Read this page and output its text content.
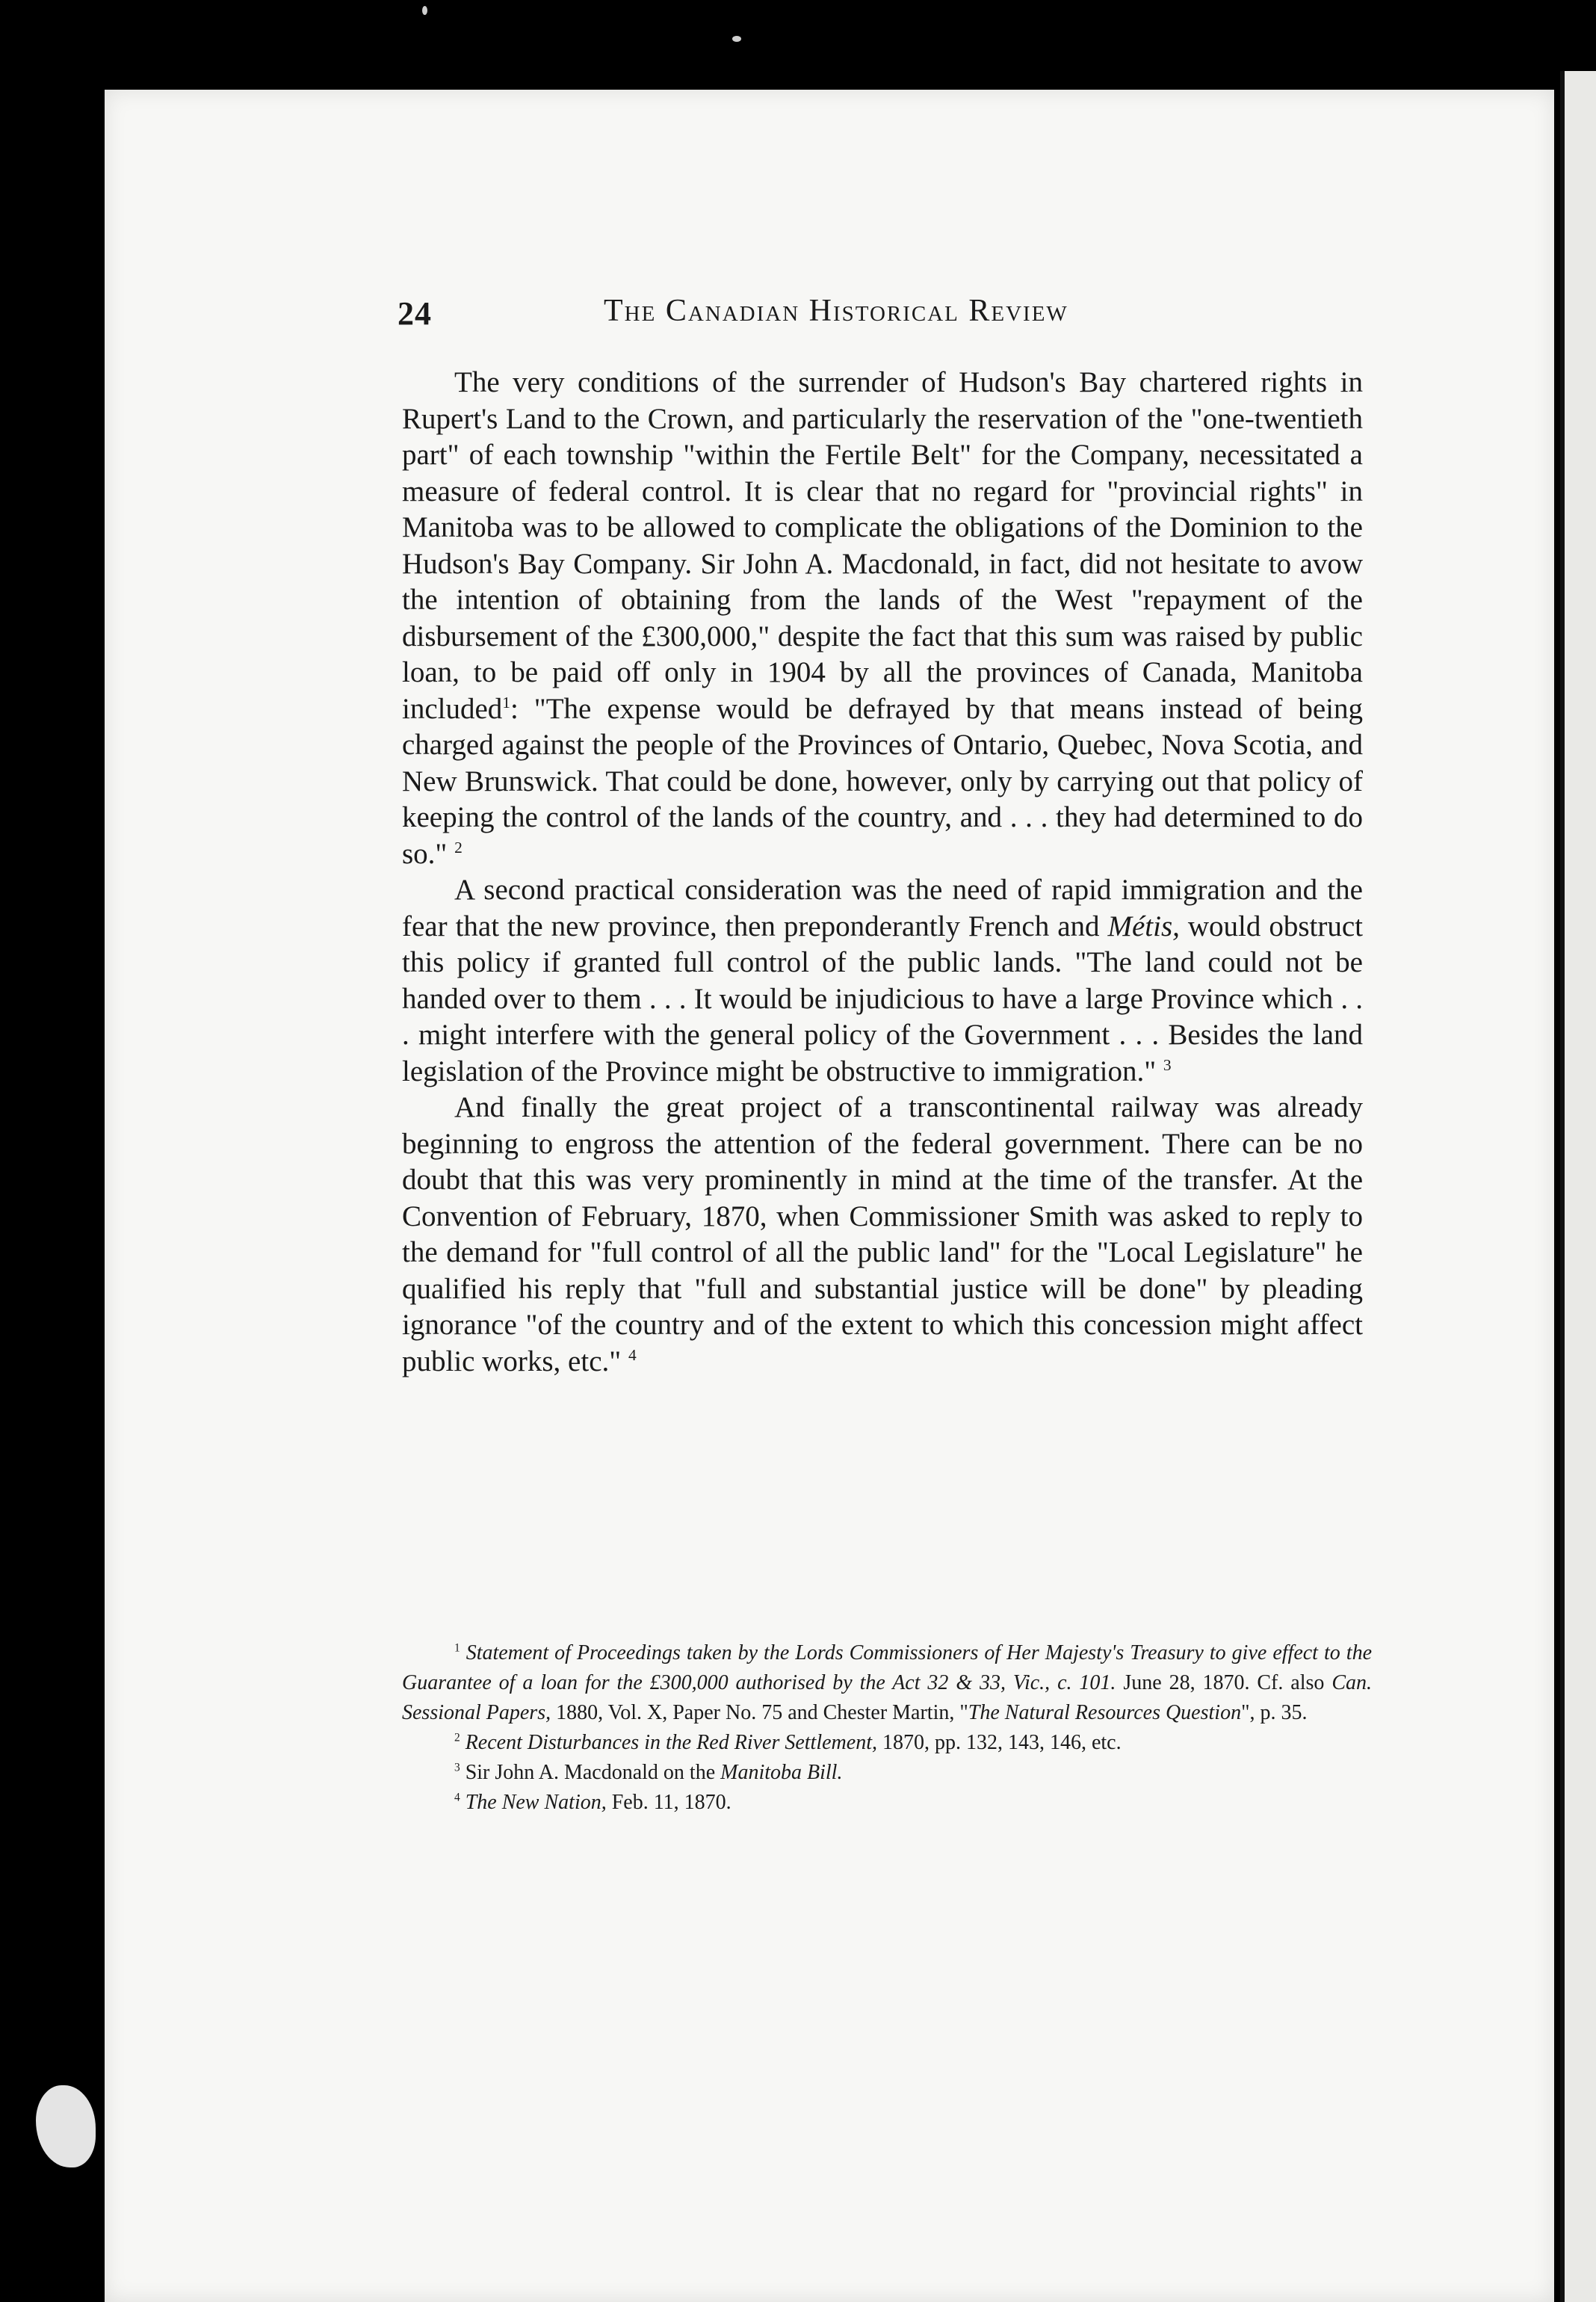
24	The Canadian Historical Review

The very conditions of the surrender of Hudson's Bay chartered rights in Rupert's Land to the Crown, and particularly the reservation of the "one-twentieth part" of each township "within the Fertile Belt" for the Company, necessitated a measure of federal control. It is clear that no regard for "provincial rights" in Manitoba was to be allowed to complicate the obligations of the Dominion to the Hudson's Bay Company. Sir John A. Macdonald, in fact, did not hesitate to avow the intention of obtaining from the lands of the West "repayment of the disbursement of the £300,000," despite the fact that this sum was raised by public loan, to be paid off only in 1904 by all the provinces of Canada, Manitoba included$^1$: "The expense would be defrayed by that means instead of being charged against the people of the Provinces of Ontario, Quebec, Nova Scotia, and New Brunswick. That could be done, however, only by carrying out that policy of keeping the control of the lands of the country, and . . . they had determined to do so." $^2$

A second practical consideration was the need of rapid immigration and the fear that the new province, then preponderantly French and Métis, would obstruct this policy if granted full control of the public lands. "The land could not be handed over to them . . . It would be injudicious to have a large Province which . . . might interfere with the general policy of the Government . . . Besides the land legislation of the Province might be obstructive to immigration." $^3$

And finally the great project of a transcontinental railway was already beginning to engross the attention of the federal government. There can be no doubt that this was very prominently in mind at the time of the transfer. At the Convention of February, 1870, when Commissioner Smith was asked to reply to the demand for "full control of all the public land" for the "Local Legislature" he qualified his reply that "full and substantial justice will be done" by pleading ignorance "of the country and of the extent to which this concession might affect public works, etc." $^4$

$^1$ Statement of Proceedings taken by the Lords Commissioners of Her Majesty's Treasury to give effect to the Guarantee of a loan for the £300,000 authorised by the Act 32 & 33, Vic., c. 101. June 28, 1870. Cf. also Can. Sessional Papers, 1880, Vol. X, Paper No. 75 and Chester Martin, "The Natural Resources Question", p. 35.

$^2$ Recent Disturbances in the Red River Settlement, 1870, pp. 132, 143, 146, etc.

$^3$ Sir John A. Macdonald on the Manitoba Bill.

$^4$ The New Nation, Feb. 11, 1870.
